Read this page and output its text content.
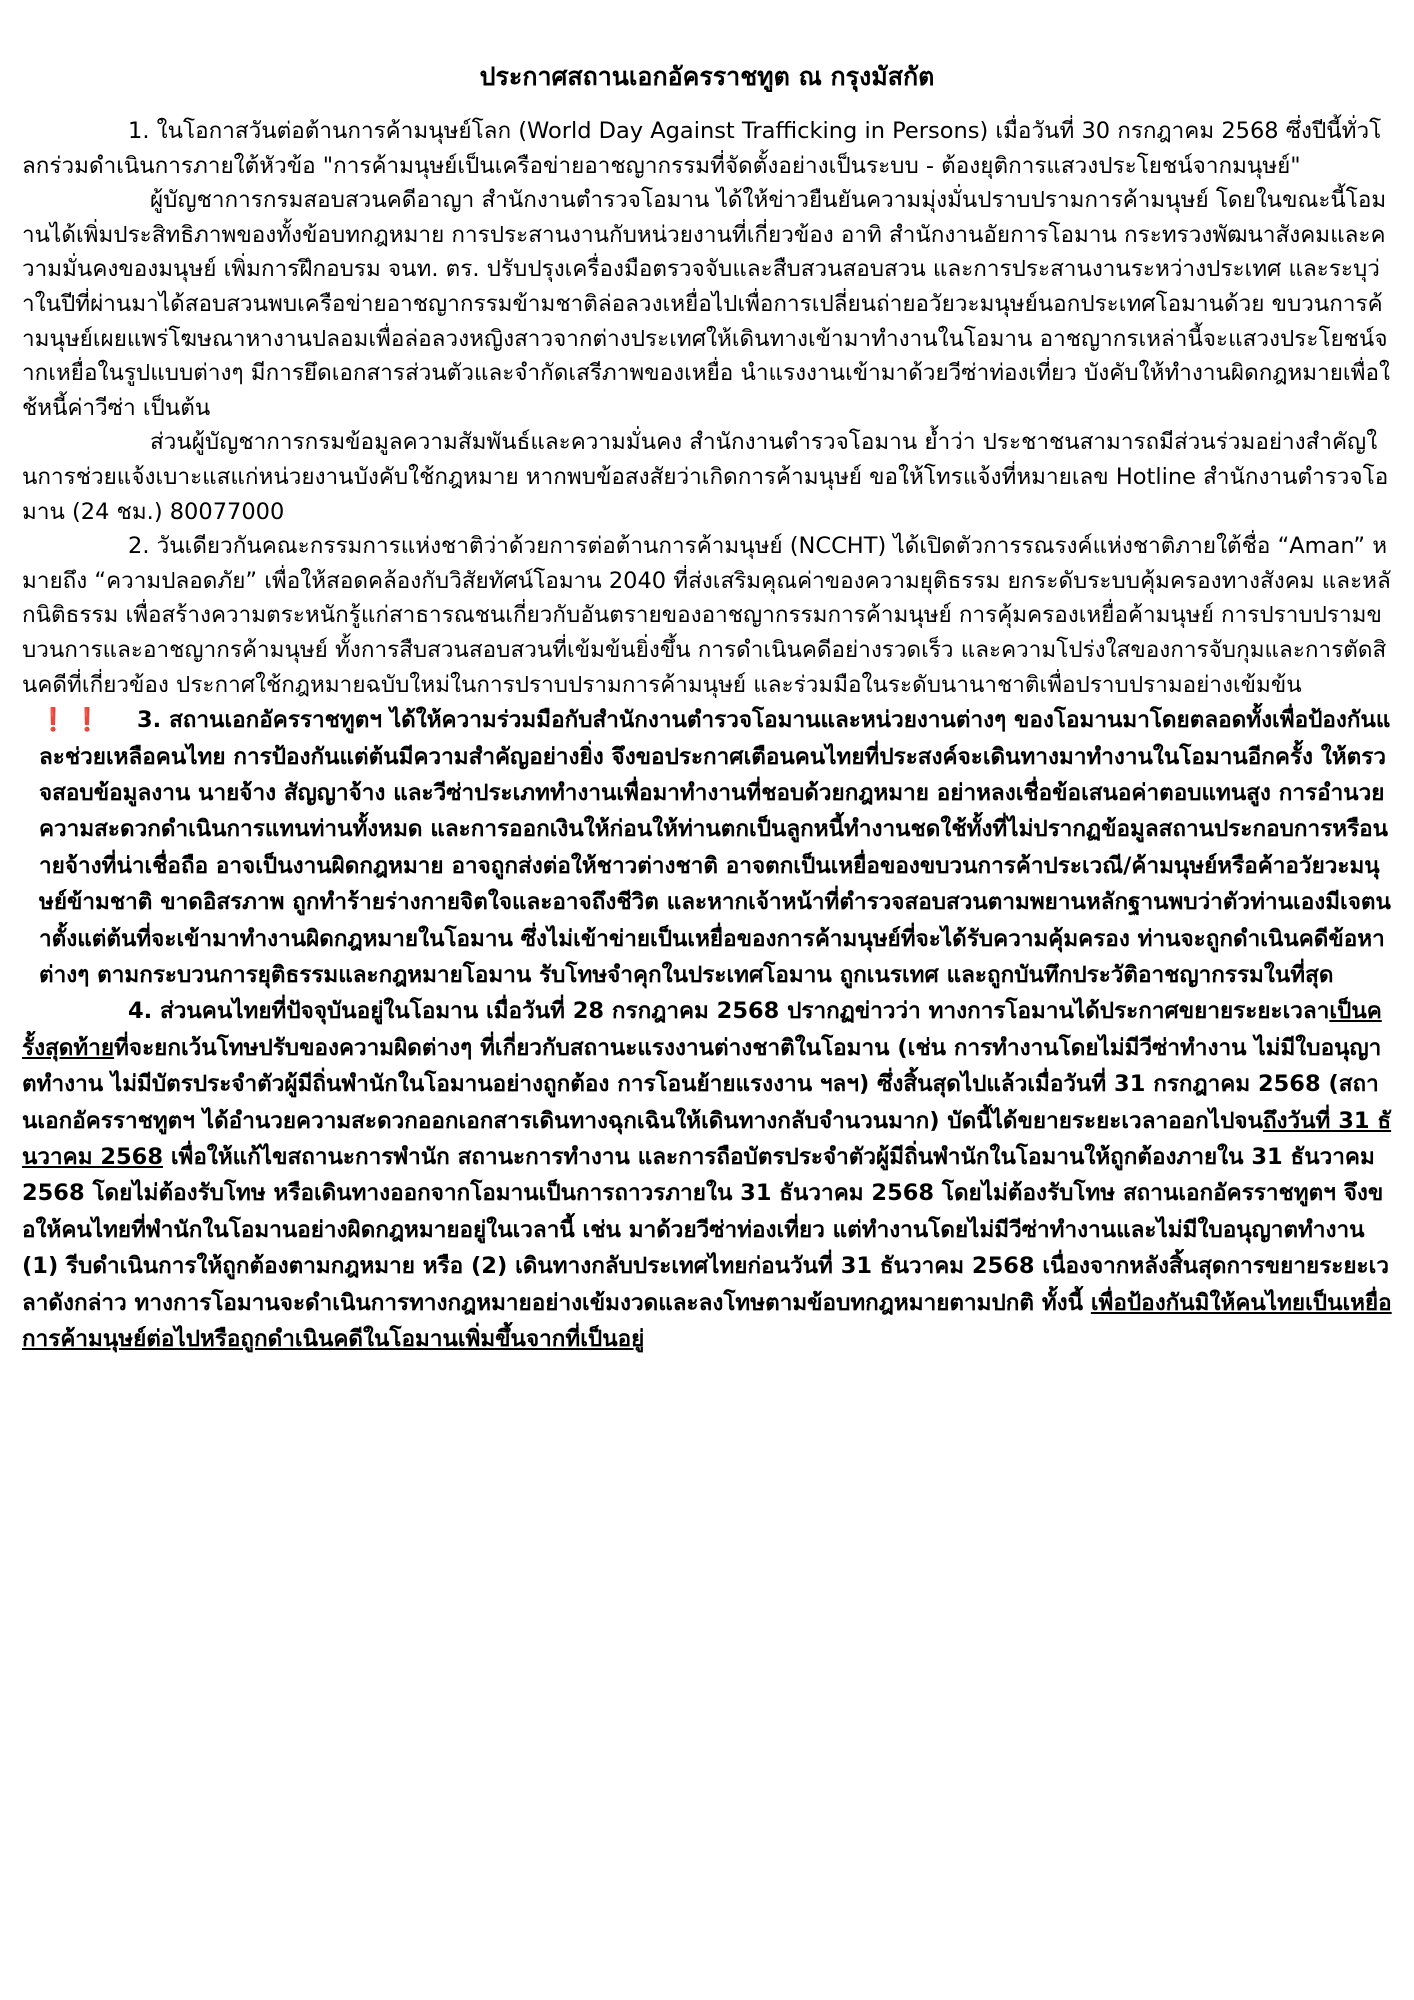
ประกาศสถานเอกอัครราชทูต ณ กรุงมัสกัต

1. ในโอกาสวันต่อต้านการค้ามนุษย์โลก (World Day Against Trafficking in Persons) เมื่อวันที่ 30 กรกฎาคม 2568 ซึ่งปีนี้ทั่วโลกร่วมดำเนินการภายใต้หัวข้อ "การค้ามนุษย์เป็นเครือข่ายอาชญากรรมที่จัดตั้งอย่างเป็นระบบ - ต้องยุติการแสวงประโยชน์จากมนุษย์"

ผู้บัญชาการกรมสอบสวนคดีอาญา สำนักงานตำรวจโอมาน ได้ให้ข่าวยืนยันความมุ่งมั่นปราบปรามการค้ามนุษย์ โดยในขณะนี้โอมานได้เพิ่มประสิทธิภาพของทั้งข้อบทกฎหมาย การประสานงานกับหน่วยงานที่เกี่ยวข้อง อาทิ สำนักงานอัยการโอมาน กระทรวงพัฒนาสังคมและความมั่นคงของมนุษย์ เพิ่มการฝึกอบรม จนท. ตร. ปรับปรุงเครื่องมือตรวจจับและสืบสวนสอบสวน และการประสานงานระหว่างประเทศ และระบุว่าในปีที่ผ่านมาได้สอบสวนพบเครือข่ายอาชญากรรมข้ามชาติล่อลวงเหยื่อไปเพื่อการเปลี่ยนถ่ายอวัยวะมนุษย์นอกประเทศโอมานด้วย ขบวนการค้ามนุษย์เผยแพร่โฆษณาหางานปลอมเพื่อล่อลวงหญิงสาวจากต่างประเทศให้เดินทางเข้ามาทำงานในโอมาน อาชญากรเหล่านี้จะแสวงประโยชน์จากเหยื่อในรูปแบบต่างๆ มีการยึดเอกสารส่วนตัวและจำกัดเสรีภาพของเหยื่อ นำแรงงานเข้ามาด้วยวีซ่าท่องเที่ยว บังคับให้ทำงานผิดกฎหมายเพื่อใช้หนี้ค่าวีซ่า เป็นต้น

ส่วนผู้บัญชาการกรมข้อมูลความสัมพันธ์และความมั่นคง สำนักงานตำรวจโอมาน ย้ำว่า ประชาชนสามารถมีส่วนร่วมอย่างสำคัญในการช่วยแจ้งเบาะแสแก่หน่วยงานบังคับใช้กฎหมาย หากพบข้อสงสัยว่าเกิดการค้ามนุษย์ ขอให้โทรแจ้งที่หมายเลข Hotline สำนักงานตำรวจโอมาน (24 ชม.) 80077000

2. วันเดียวกันคณะกรรมการแห่งชาติว่าด้วยการต่อต้านการค้ามนุษย์ (NCCHT) ได้เปิดตัวการรณรงค์แห่งชาติภายใต้ชื่อ “Aman” หมายถึง “ความปลอดภัย” เพื่อให้สอดคล้องกับวิสัยทัศน์โอมาน 2040 ที่ส่งเสริมคุณค่าของความยุติธรรม ยกระดับระบบคุ้มครองทางสังคม และหลักนิติธรรม เพื่อสร้างความตระหนักรู้แก่สาธารณชนเกี่ยวกับอันตรายของอาชญากรรมการค้ามนุษย์ การคุ้มครองเหยื่อค้ามนุษย์ การปราบปรามขบวนการและอาชญากรค้ามนุษย์ ทั้งการสืบสวนสอบสวนที่เข้มข้นยิ่งขึ้น การดำเนินคดีอย่างรวดเร็ว และความโปร่งใสของการจับกุมและการตัดสินคดีที่เกี่ยวข้อง ประกาศใช้กฎหมายฉบับใหม่ในการปราบปรามการค้ามนุษย์ และร่วมมือในระดับนานาชาติเพื่อปราบปรามอย่างเข้มข้น

❗❗ 3. สถานเอกอัครราชทูตฯ ได้ให้ความร่วมมือกับสำนักงานตำรวจโอมานและหน่วยงานต่างๆ ของโอมานมาโดยตลอดทั้งเพื่อป้องกันและช่วยเหลือคนไทย การป้องกันแต่ต้นมีความสำคัญอย่างยิ่ง จึงขอประกาศเตือนคนไทยที่ประสงค์จะเดินทางมาทำงานในโอมานอีกครั้ง ให้ตรวจสอบข้อมูลงาน นายจ้าง สัญญาจ้าง และวีซ่าประเภททำงานเพื่อมาทำงานที่ชอบด้วยกฎหมาย อย่าหลงเชื่อข้อเสนอค่าตอบแทนสูง การอำนวยความสะดวกดำเนินการแทนท่านทั้งหมด และการออกเงินให้ก่อนให้ท่านตกเป็นลูกหนี้ทำงานชดใช้ทั้งที่ไม่ปรากฏข้อมูลสถานประกอบการหรือนายจ้างที่น่าเชื่อถือ อาจเป็นงานผิดกฎหมาย อาจถูกส่งต่อให้ชาวต่างชาติ อาจตกเป็นเหยื่อของขบวนการค้าประเวณี/ค้ามนุษย์หรือค้าอวัยวะมนุษย์ข้ามชาติ ขาดอิสรภาพ ถูกทำร้ายร่างกายจิตใจและอาจถึงชีวิต และหากเจ้าหน้าที่ตำรวจสอบสวนตามพยานหลักฐานพบว่าตัวท่านเองมีเจตนาตั้งแต่ต้นที่จะเข้ามาทำงานผิดกฎหมายในโอมาน ซึ่งไม่เข้าข่ายเป็นเหยื่อของการค้ามนุษย์ที่จะได้รับความคุ้มครอง ท่านจะถูกดำเนินคดีข้อหาต่างๆ ตามกระบวนการยุติธรรมและกฎหมายโอมาน รับโทษจำคุกในประเทศโอมาน ถูกเนรเทศ และถูกบันทึกประวัติอาชญากรรมในที่สุด

4. ส่วนคนไทยที่ปัจจุบันอยู่ในโอมาน เมื่อวันที่ 28 กรกฎาคม 2568 ปรากฏข่าวว่า ทางการโอมานได้ประกาศขยายระยะเวลาเป็นครั้งสุดท้ายที่จะยกเว้นโทษปรับของความผิดต่างๆ ที่เกี่ยวกับสถานะแรงงานต่างชาติในโอมาน (เช่น การทำงานโดยไม่มีวีซ่าทำงาน ไม่มีใบอนุญาตทำงาน ไม่มีบัตรประจำตัวผู้มีถิ่นพำนักในโอมานอย่างถูกต้อง การโอนย้ายแรงงาน ฯลฯ) ซึ่งสิ้นสุดไปแล้วเมื่อวันที่ 31 กรกฎาคม 2568 (สถานเอกอัครราชทูตฯ ได้อำนวยความสะดวกออกเอกสารเดินทางฉุกเฉินให้เดินทางกลับจำนวนมาก) บัดนี้ได้ขยายระยะเวลาออกไปจนถึงวันที่ 31 ธันวาคม 2568 เพื่อให้แก้ไขสถานะการพำนัก สถานะการทำงาน และการถือบัตรประจำตัวผู้มีถิ่นพำนักในโอมานให้ถูกต้องภายใน 31 ธันวาคม 2568 โดยไม่ต้องรับโทษ หรือเดินทางออกจากโอมานเป็นการถาวรภายใน 31 ธันวาคม 2568 โดยไม่ต้องรับโทษ สถานเอกอัครราชทูตฯ จึงขอให้คนไทยที่พำนักในโอมานอย่างผิดกฎหมายอยู่ในเวลานี้ เช่น มาด้วยวีซ่าท่องเที่ยว แต่ทำงานโดยไม่มีวีซ่าทำงานและไม่มีใบอนุญาตทำงาน (1) รีบดำเนินการให้ถูกต้องตามกฎหมาย หรือ (2) เดินทางกลับประเทศไทยก่อนวันที่ 31 ธันวาคม 2568 เนื่องจากหลังสิ้นสุดการขยายระยะเวลาดังกล่าว ทางการโอมานจะดำเนินการทางกฎหมายอย่างเข้มงวดและลงโทษตามข้อบทกฎหมายตามปกติ ทั้งนี้ เพื่อป้องกันมิให้คนไทยเป็นเหยื่อการค้ามนุษย์ต่อไปหรือถูกดำเนินคดีในโอมานเพิ่มขึ้นจากที่เป็นอยู่
